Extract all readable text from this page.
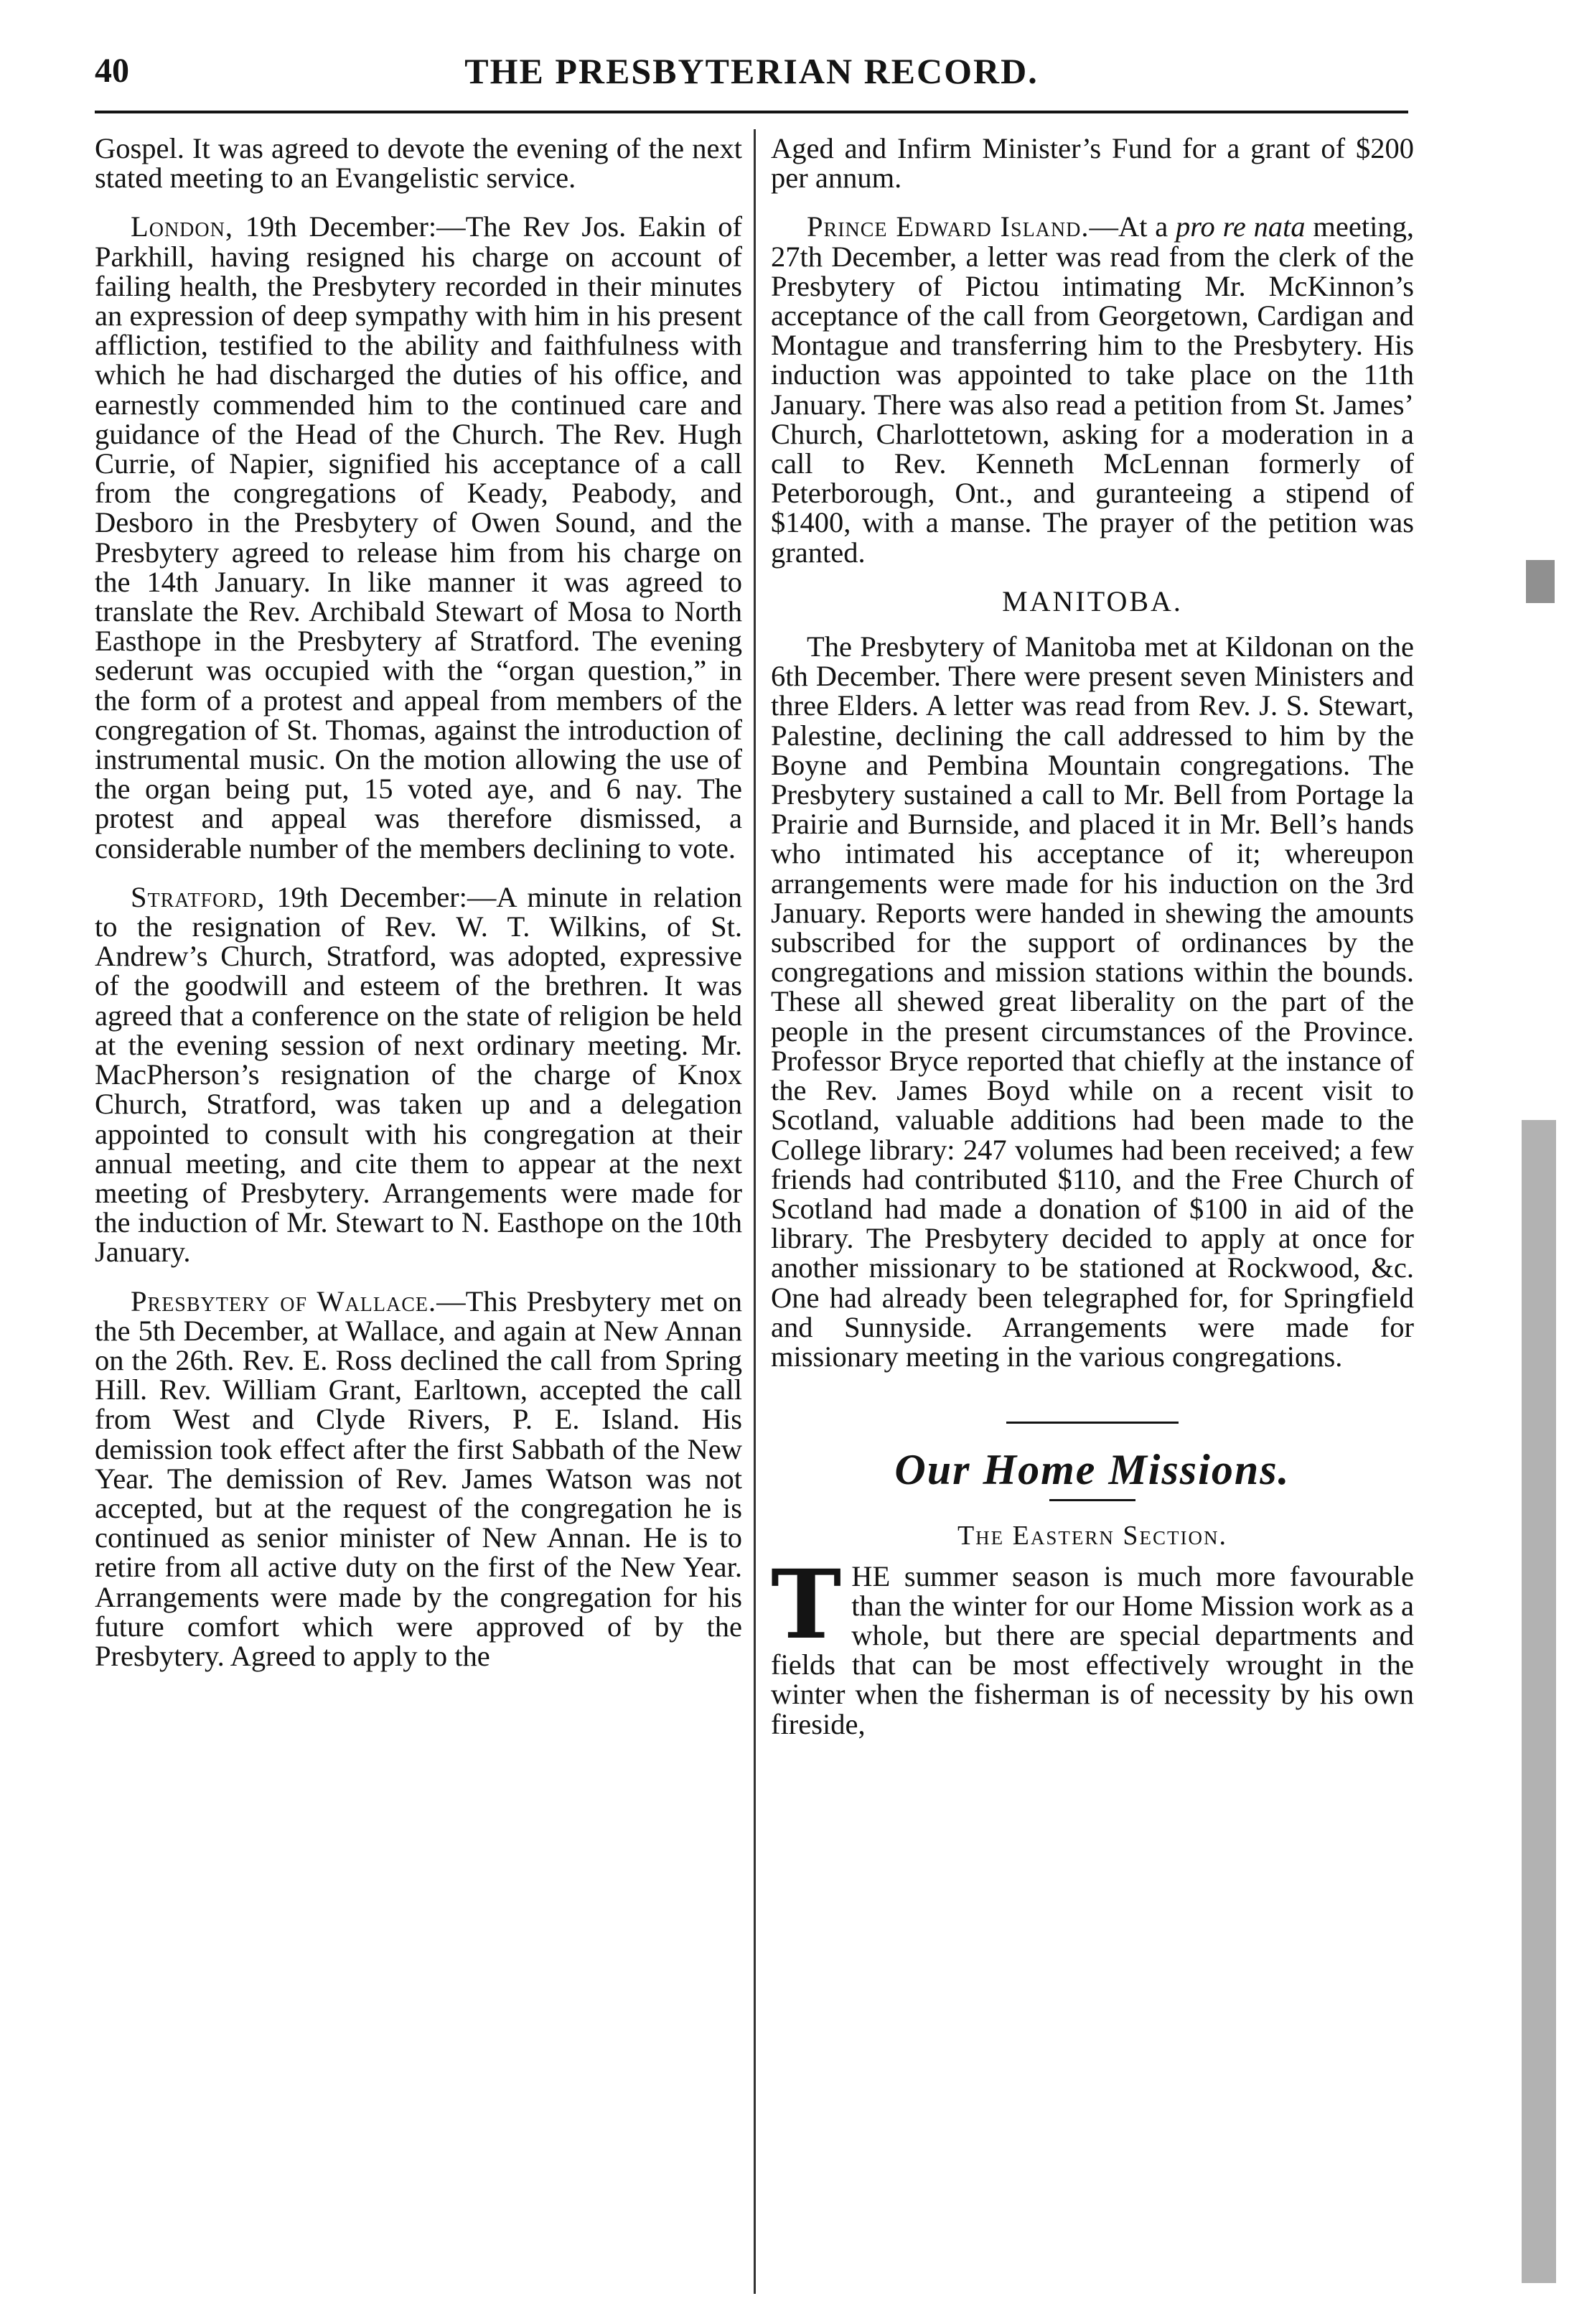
40	THE PRESBYTERIAN RECORD.

Gospel. It was agreed to devote the evening of the next stated meeting to an Evangelistic service.

London, 19th December:—The Rev Jos. Eakin of Parkhill, having resigned his charge on account of failing health, the Presbytery recorded in their minutes an expression of deep sympathy with him in his present affliction, testified to the ability and faithfulness with which he had discharged the duties of his office, and earnestly commended him to the continued care and guidance of the Head of the Church. The Rev. Hugh Currie, of Napier, signified his acceptance of a call from the congregations of Keady, Peabody, and Desboro in the Presbytery of Owen Sound, and the Presbytery agreed to release him from his charge on the 14th January. In like manner it was agreed to translate the Rev. Archibald Stewart of Mosa to North Easthope in the Presbytery af Stratford. The evening sederunt was occupied with the “organ question,” in the form of a protest and appeal from members of the congregation of St. Thomas, against the introduction of instrumental music. On the motion allowing the use of the organ being put, 15 voted aye, and 6 nay. The protest and appeal was therefore dismissed, a considerable number of the members declining to vote.

Stratford, 19th December:—A minute in relation to the resignation of Rev. W. T. Wilkins, of St. Andrew’s Church, Stratford, was adopted, expressive of the goodwill and esteem of the brethren. It was agreed that a conference on the state of religion be held at the evening session of next ordinary meeting. Mr. MacPherson’s resignation of the charge of Knox Church, Stratford, was taken up and a delegation appointed to consult with his congregation at their annual meeting, and cite them to appear at the next meeting of Presbytery. Arrangements were made for the induction of Mr. Stewart to N. Easthope on the 10th January.

Presbytery of Wallace.—This Presbytery met on the 5th December, at Wallace, and again at New Annan on the 26th. Rev. E. Ross declined the call from Spring Hill. Rev. William Grant, Earltown, accepted the call from West and Clyde Rivers, P. E. Island. His demission took effect after the first Sabbath of the New Year. The demission of Rev. James Watson was not accepted, but at the request of the congregation he is continued as senior minister of New Annan. He is to retire from all active duty on the first of the New Year. Arrangements were made by the congregation for his future comfort which were approved of by the Presbytery. Agreed to apply to the

Aged and Infirm Minister’s Fund for a grant of $200 per annum.

Prince Edward Island.—At a pro re nata meeting, 27th December, a letter was read from the clerk of the Presbytery of Pictou intimating Mr. McKinnon’s acceptance of the call from Georgetown, Cardigan and Montague and transferring him to the Presbytery. His induction was appointed to take place on the 11th January. There was also read a petition from St. James’ Church, Charlottetown, asking for a moderation in a call to Rev. Kenneth McLennan formerly of Peterborough, Ont., and guranteeing a stipend of $1400, with a manse. The prayer of the petition was granted.

MANITOBA.

The Presbytery of Manitoba met at Kildonan on the 6th December. There were present seven Ministers and three Elders. A letter was read from Rev. J. S. Stewart, Palestine, declining the call addressed to him by the Boyne and Pembina Mountain congregations. The Presbytery sustained a call to Mr. Bell from Portage la Prairie and Burnside, and placed it in Mr. Bell’s hands who intimated his acceptance of it; whereupon arrangements were made for his induction on the 3rd January. Reports were handed in shewing the amounts subscribed for the support of ordinances by the congregations and mission stations within the bounds. These all shewed great liberality on the part of the people in the present circumstances of the Province. Professor Bryce reported that chiefly at the instance of the Rev. James Boyd while on a recent visit to Scotland, valuable additions had been made to the College library: 247 volumes had been received; a few friends had contributed $110, and the Free Church of Scotland had made a donation of $100 in aid of the library. The Presbytery decided to apply at once for another missionary to be stationed at Rockwood, &c. One had already been telegraphed for, for Springfield and Sunnyside. Arrangements were made for missionary meeting in the various congregations.

Our Home Missions.
The Eastern Section.

THE summer season is much more favourable than the winter for our Home Mission work as a whole, but there are special departments and fields that can be most effectively wrought in the winter when the fisherman is of necessity by his own fireside,
